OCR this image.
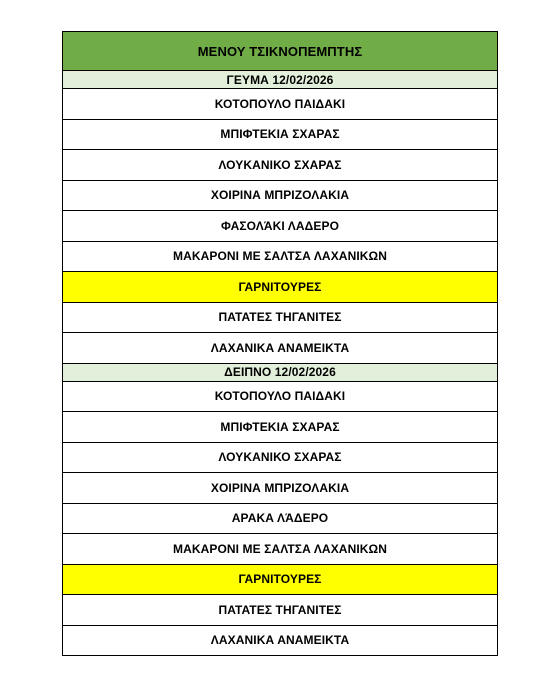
ΜΕΝΟΥ ΤΣΙΚΝΟΠΕΜΠΤΗΣ
ΓΕΥΜΑ 12/02/2026
ΚΟΤΟΠΟΥΛΟ ΠΑΙΔΑΚΙ
ΜΠΙΦΤΕΚΙΑ ΣΧΑΡΑΣ
ΛΟΥΚΑΝΙΚΟ ΣΧΑΡΑΣ
ΧΟΙΡΙΝΑ ΜΠΡΙΖΟΛΑΚΙΑ
ΦΑΣΟΛΆΚΙ ΛΑΔΕΡΟ
ΜΑΚΑΡΟΝΙ ΜΕ ΣΑΛΤΣΑ ΛΑΧΑΝΙΚΩΝ
ΓΑΡΝΙΤΟΥΡΕΣ
ΠΑΤΑΤΕΣ ΤΗΓΑΝΙΤΕΣ
ΛΑΧΑΝΙΚΑ ΑΝΑΜΕΙΚΤΑ
ΔΕΙΠΝΟ 12/02/2026
ΚΟΤΟΠΟΥΛΟ ΠΑΙΔΑΚΙ
ΜΠΙΦΤΕΚΙΑ ΣΧΑΡΑΣ
ΛΟΥΚΑΝΙΚΟ ΣΧΑΡΑΣ
ΧΟΙΡΙΝΑ ΜΠΡΙΖΟΛΑΚΙΑ
ΑΡΑΚΑ ΛΆΔΕΡΟ
ΜΑΚΑΡΟΝΙ ΜΕ ΣΑΛΤΣΑ ΛΑΧΑΝΙΚΩΝ
ΓΑΡΝΙΤΟΥΡΕΣ
ΠΑΤΑΤΕΣ ΤΗΓΑΝΙΤΕΣ
ΛΑΧΑΝΙΚΑ ΑΝΑΜΕΙΚΤΑ
